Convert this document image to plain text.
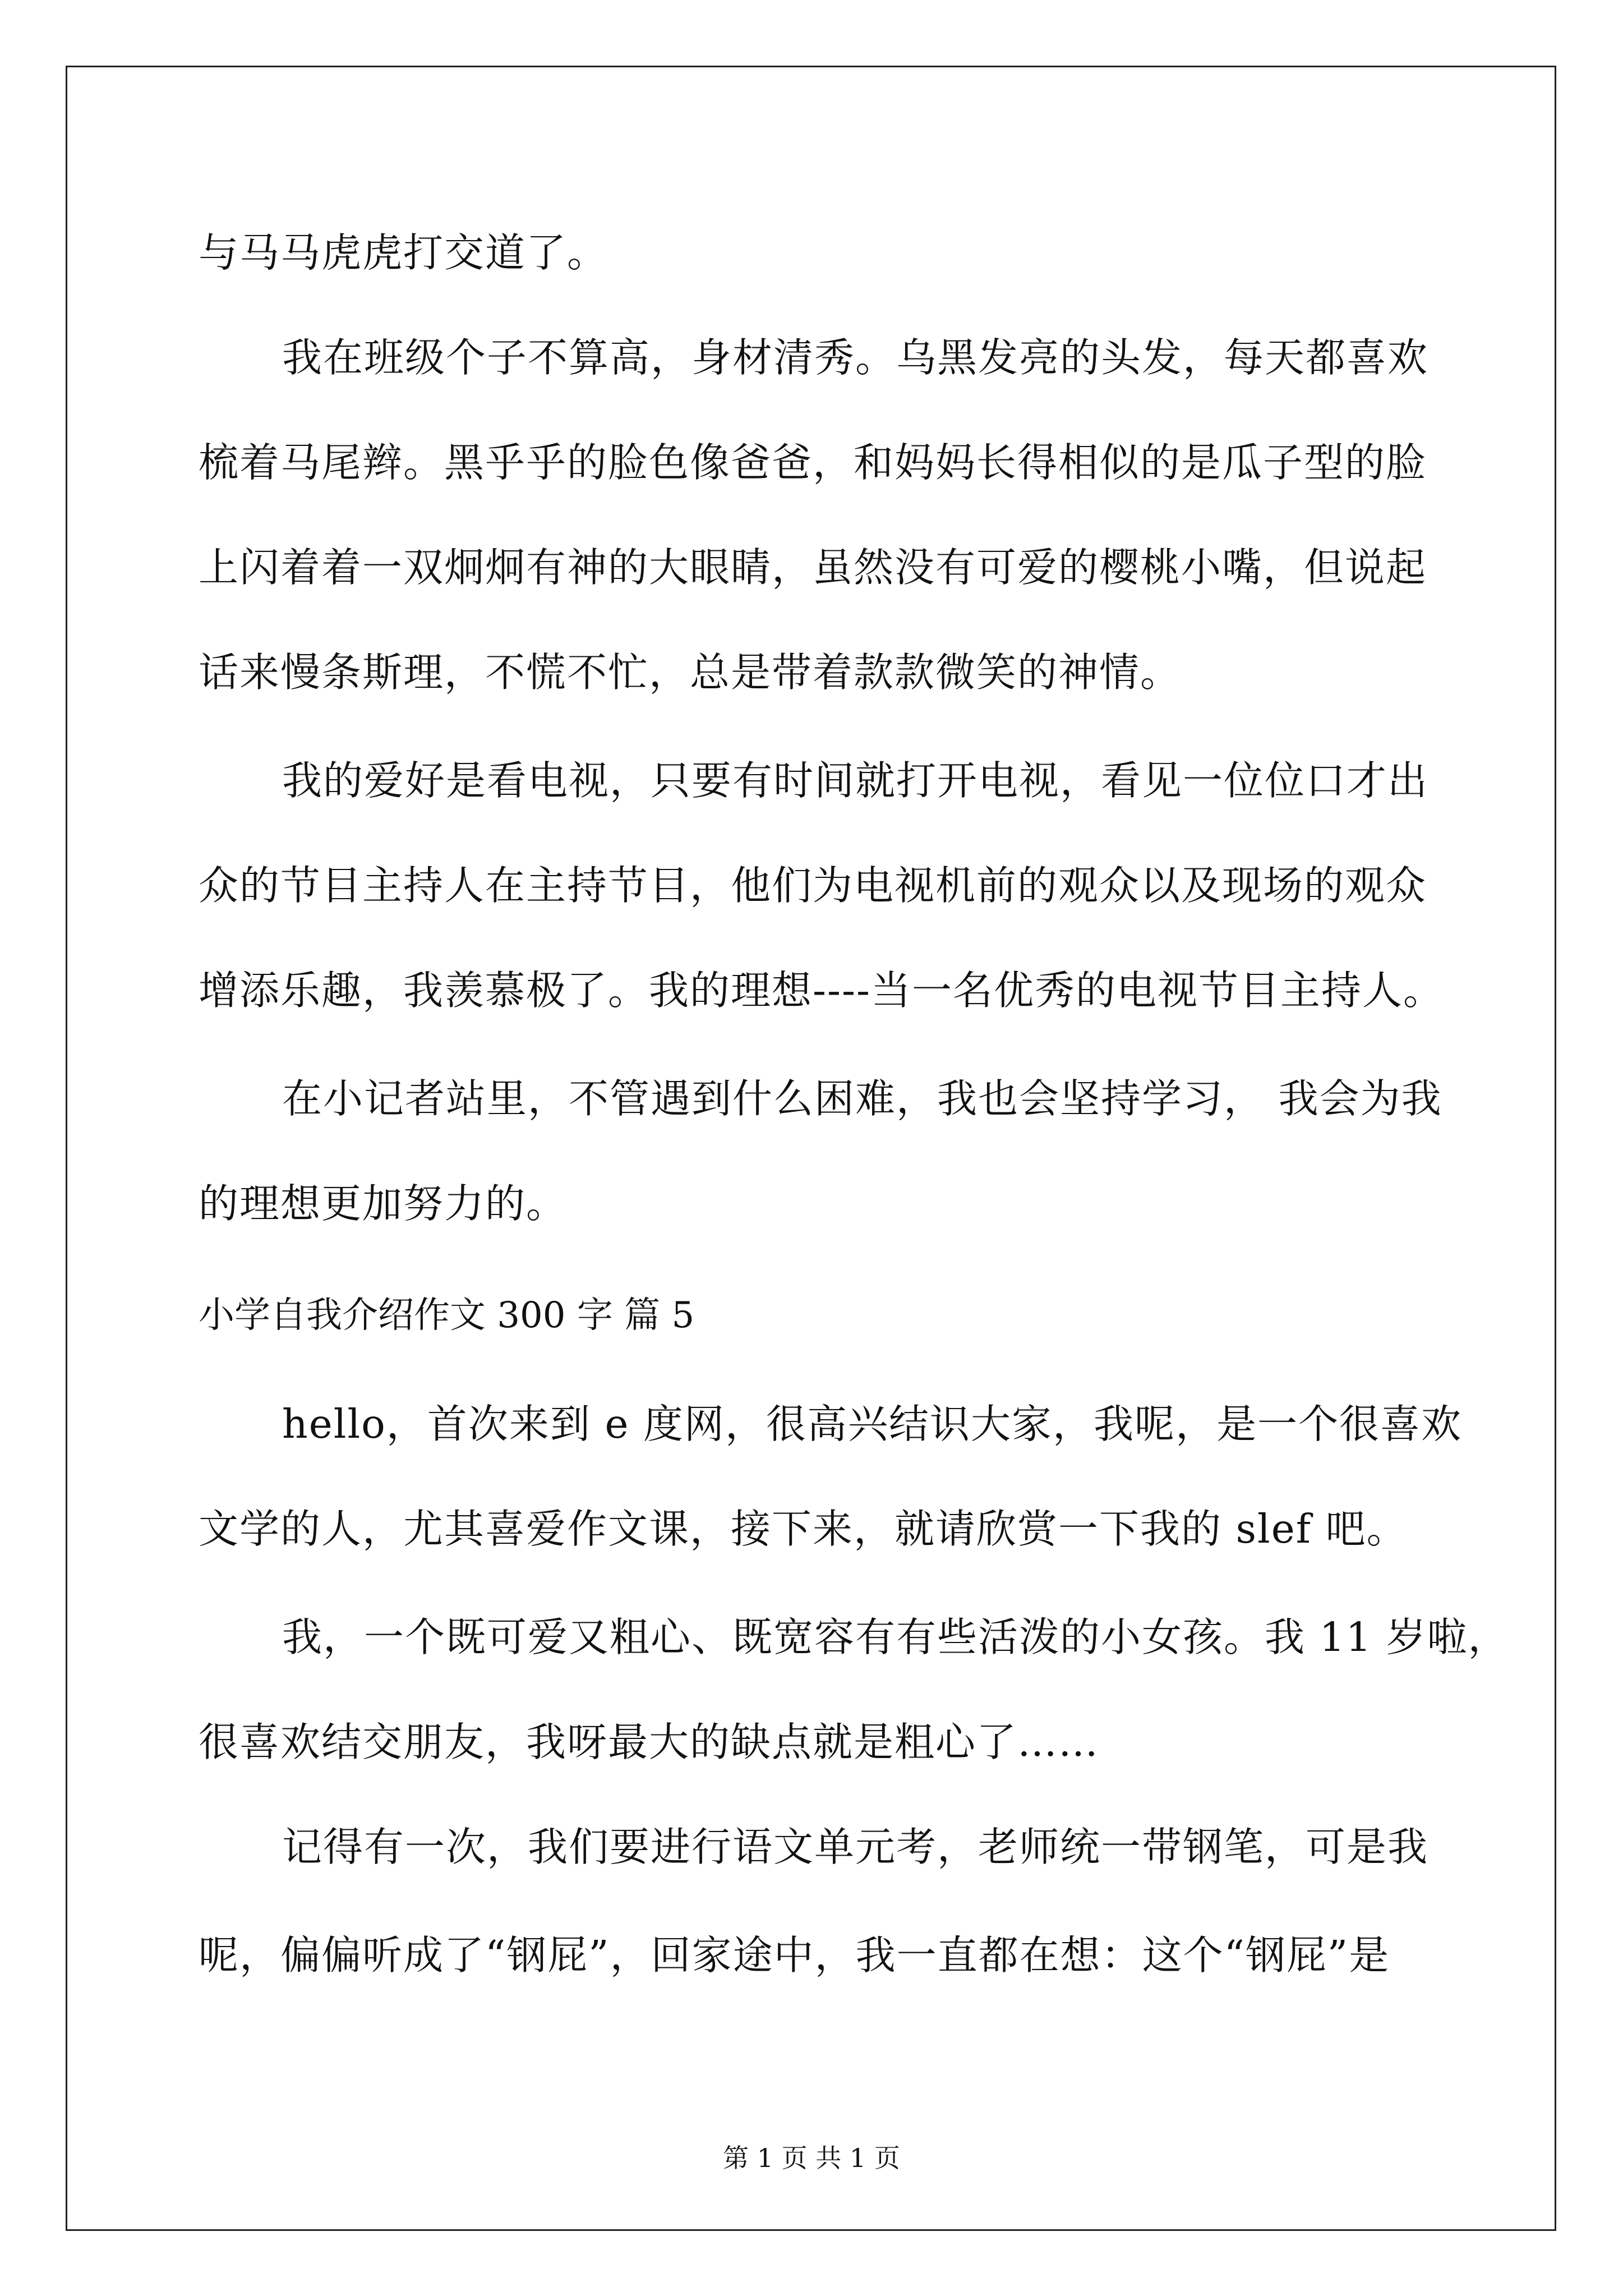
与马马虎虎打交道了。
我在班级个子不算高，身材清秀。乌黑发亮的头发，每天都喜欢
梳着马尾辫。黑乎乎的脸色像爸爸，和妈妈长得相似的是瓜子型的脸
上闪着着一双炯炯有神的大眼睛，虽然没有可爱的樱桃小嘴，但说起
话来慢条斯理，不慌不忙，总是带着款款微笑的神情。
我的爱好是看电视，只要有时间就打开电视，看见一位位口才出
众的节目主持人在主持节目，他们为电视机前的观众以及现场的观众
增添乐趣，我羡慕极了。我的理想----当一名优秀的电视节目主持人。
在小记者站里，不管遇到什么困难，我也会坚持学习， 我会为我
的理想更加努力的。
小学自我介绍作文 300 字 篇 5
hello，首次来到 e 度网，很高兴结识大家，我呢，是一个很喜欢
文学的人，尤其喜爱作文课，接下来，就请欣赏一下我的 slef 吧。
我，一个既可爱又粗心、既宽容有有些活泼的小女孩。我 11 岁啦，
很喜欢结交朋友，我呀最大的缺点就是粗心了……
记得有一次，我们要进行语文单元考，老师统一带钢笔，可是我
呢，偏偏听成了“钢屁”，回家途中，我一直都在想：这个“钢屁”是
第 1 页 共 1 页
